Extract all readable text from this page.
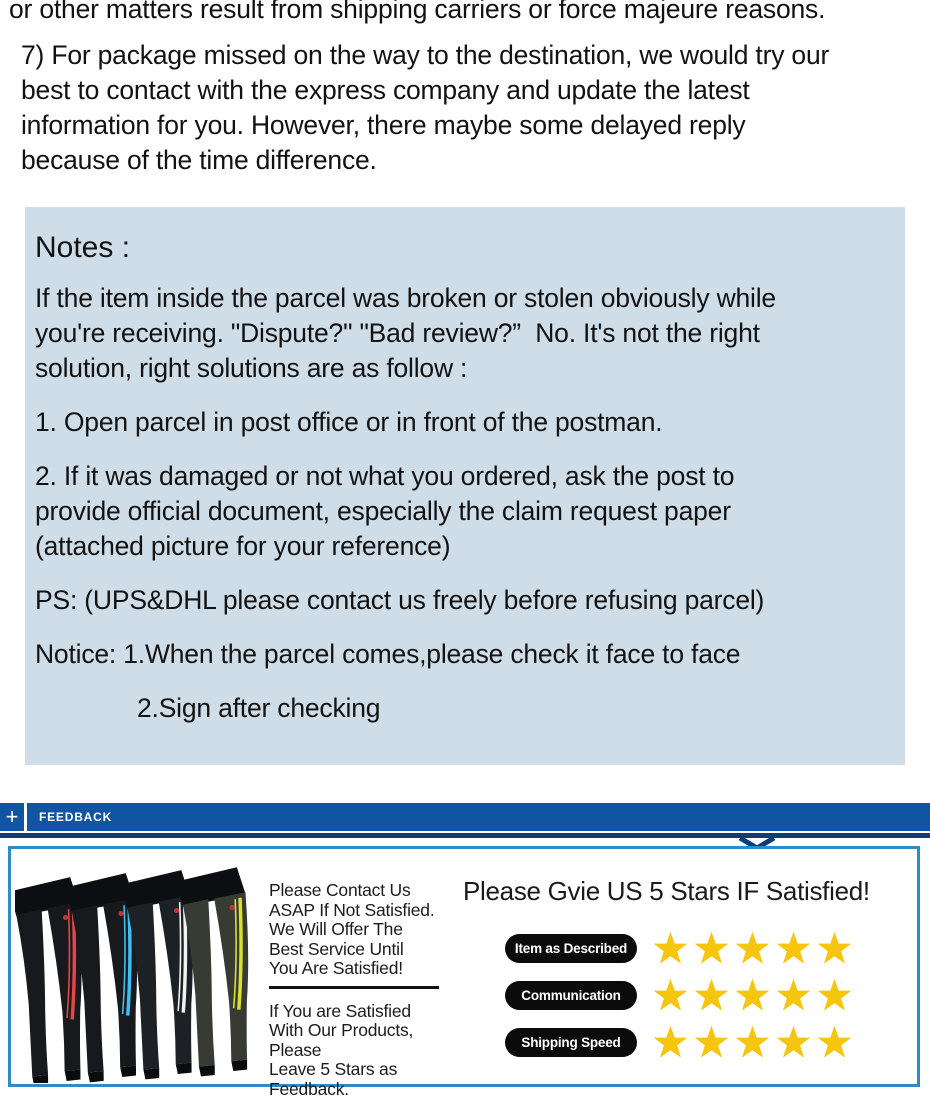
or other matters result from shipping carriers or force majeure reasons.
7) For package missed on the way to the destination, we would try our
best to contact with the express company and update the latest
information for you. However, there maybe some delayed reply
because of the time difference.
Notes :
If the item inside the parcel was broken or stolen obviously while
you're receiving. "Dispute?" "Bad review?”  No. It's not the right
solution, right solutions are as follow :
1. Open parcel in post office or in front of the postman.
2. If it was damaged or not what you ordered, ask the post to
provide official document, especially the claim request paper
(attached picture for your reference)
PS: (UPS&DHL please contact us freely before refusing parcel)
Notice: 1.When the parcel comes,please check it face to face
2.Sign after checking
+	FEEDBACK
Please Contact Us
ASAP If Not Satisfied.
We Will Offer The
Best Service Until
You Are Satisfied!
If You are Satisfied
With Our Products,
Please
Leave 5 Stars as
Feedback.
Please Gvie US 5 Stars IF Satisfied!
Item as Described
Communication
Shipping Speed
